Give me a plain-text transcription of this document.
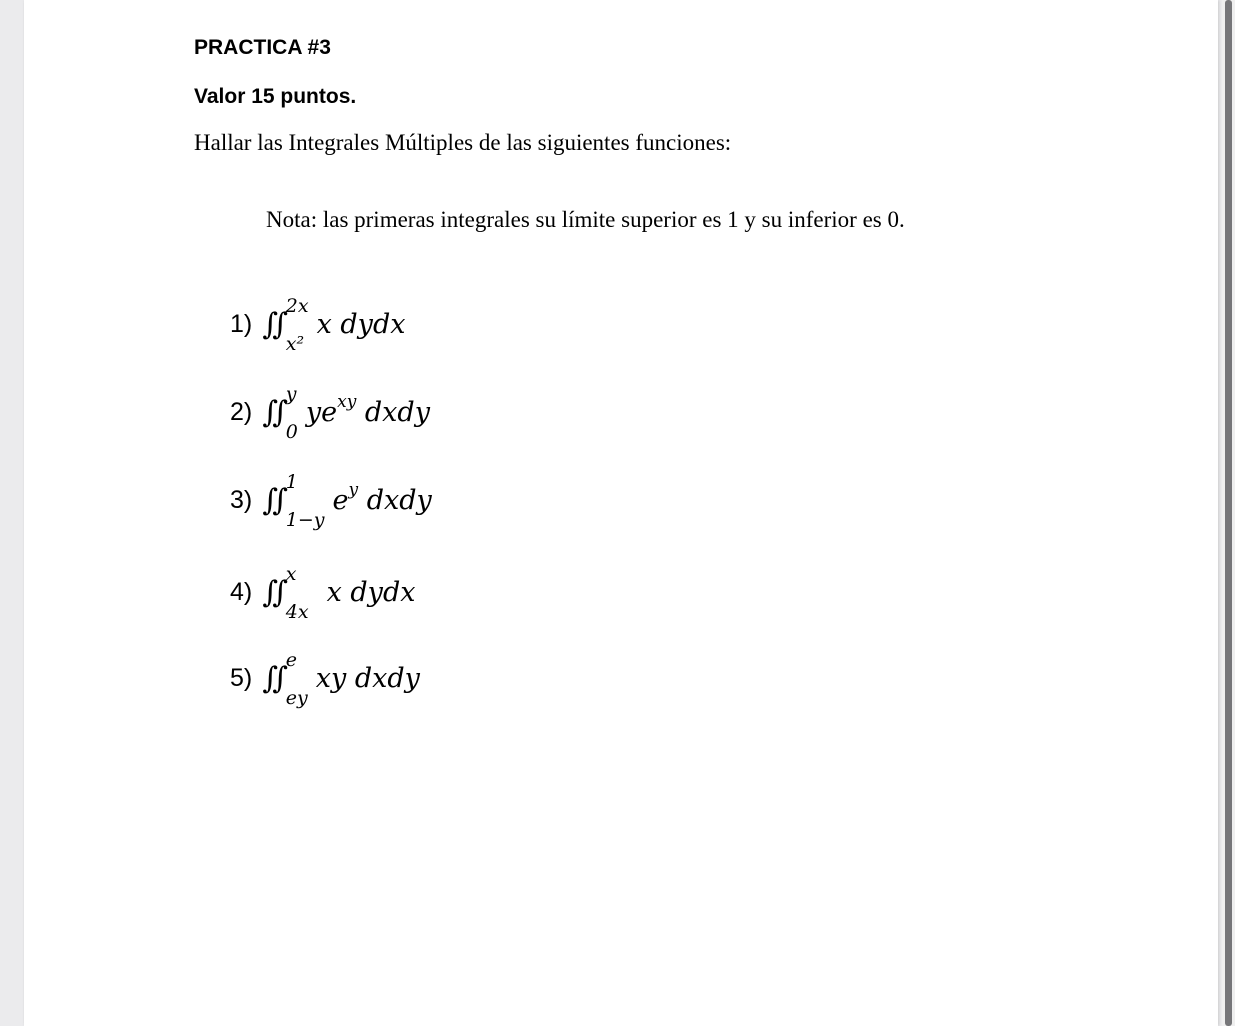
PRACTICA #3
Valor 15 puntos.
Hallar las Integrales Múltiples de las siguientes funciones:
Nota: las primeras integrales su límite superior es 1 y su inferior es 0.
1) ∬
2x
x²
x dydx
2) ∬
y
0
$ye^{xy}$ dxdy
3) ∬
1
1−y
$e^y$ dxdy
4) ∬
x
4x
x dydx
5) ∬
e
ey
xy dxdy
